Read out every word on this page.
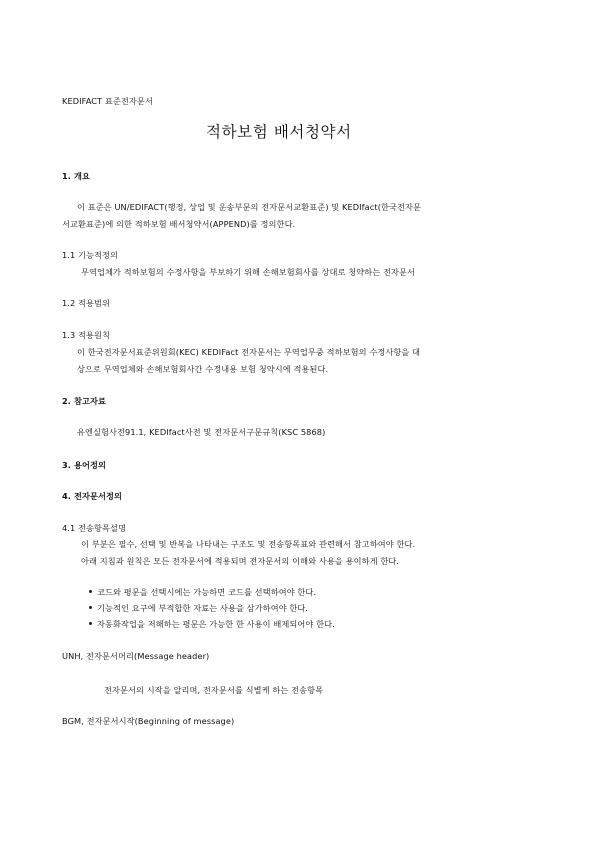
KEDIFACT 표준전자문서
적하보험 배서청약서
1. 개요
이 표준은 UN/EDIFACT(행정, 상업 및 운송부문의 전자문서교환표준) 및 KEDIfact(한국전자문
서교환표준)에 의한 적하보험 배서청약서(APPEND)를 정의한다.
1.1 기능적정의
무역업체가 적하보험의 수정사항을 부보하기 위해 손해보험회사를 상대로 청약하는 전자문서
1.2 적용범위
1.3 적용원칙
이 한국전자문서표준위원회(KEC) KEDIFact 전자문서는 무역업무중 적하보험의 수정사항을 대
상으로 무역업체와 손해보험회사간 수정내용 보험 청약시에 적용된다.
2. 참고자료
유엔실험사전91.1, KEDIfact사전 및 전자문서구문규칙(KSC 5868)
3. 용어정의
4. 전자문서정의
4.1 전송항목설명
이 부분은 필수, 선택 및 반복을 나타내는 구조도 및 전송항목표와 관련해서 참고하여야 한다.
아래 지침과 원칙은 모든 전자문서에 적용되며 전자문서의 이해와 사용을 용이하게 한다.
코드와 평문을 선택시에는 가능하면 코드를 선택하여야 한다.
기능적인 요구에 부적합한 자료는 사용을 삼가하여야 한다.
자동화작업을 저해하는 평문은 가능한 한 사용이 배제되어야 한다.
UNH, 전자문서머리(Message header)
전자문서의 시작을 알리며, 전자문서를 식별케 하는 전송항목
BGM, 전자문서시작(Beginning of message)
